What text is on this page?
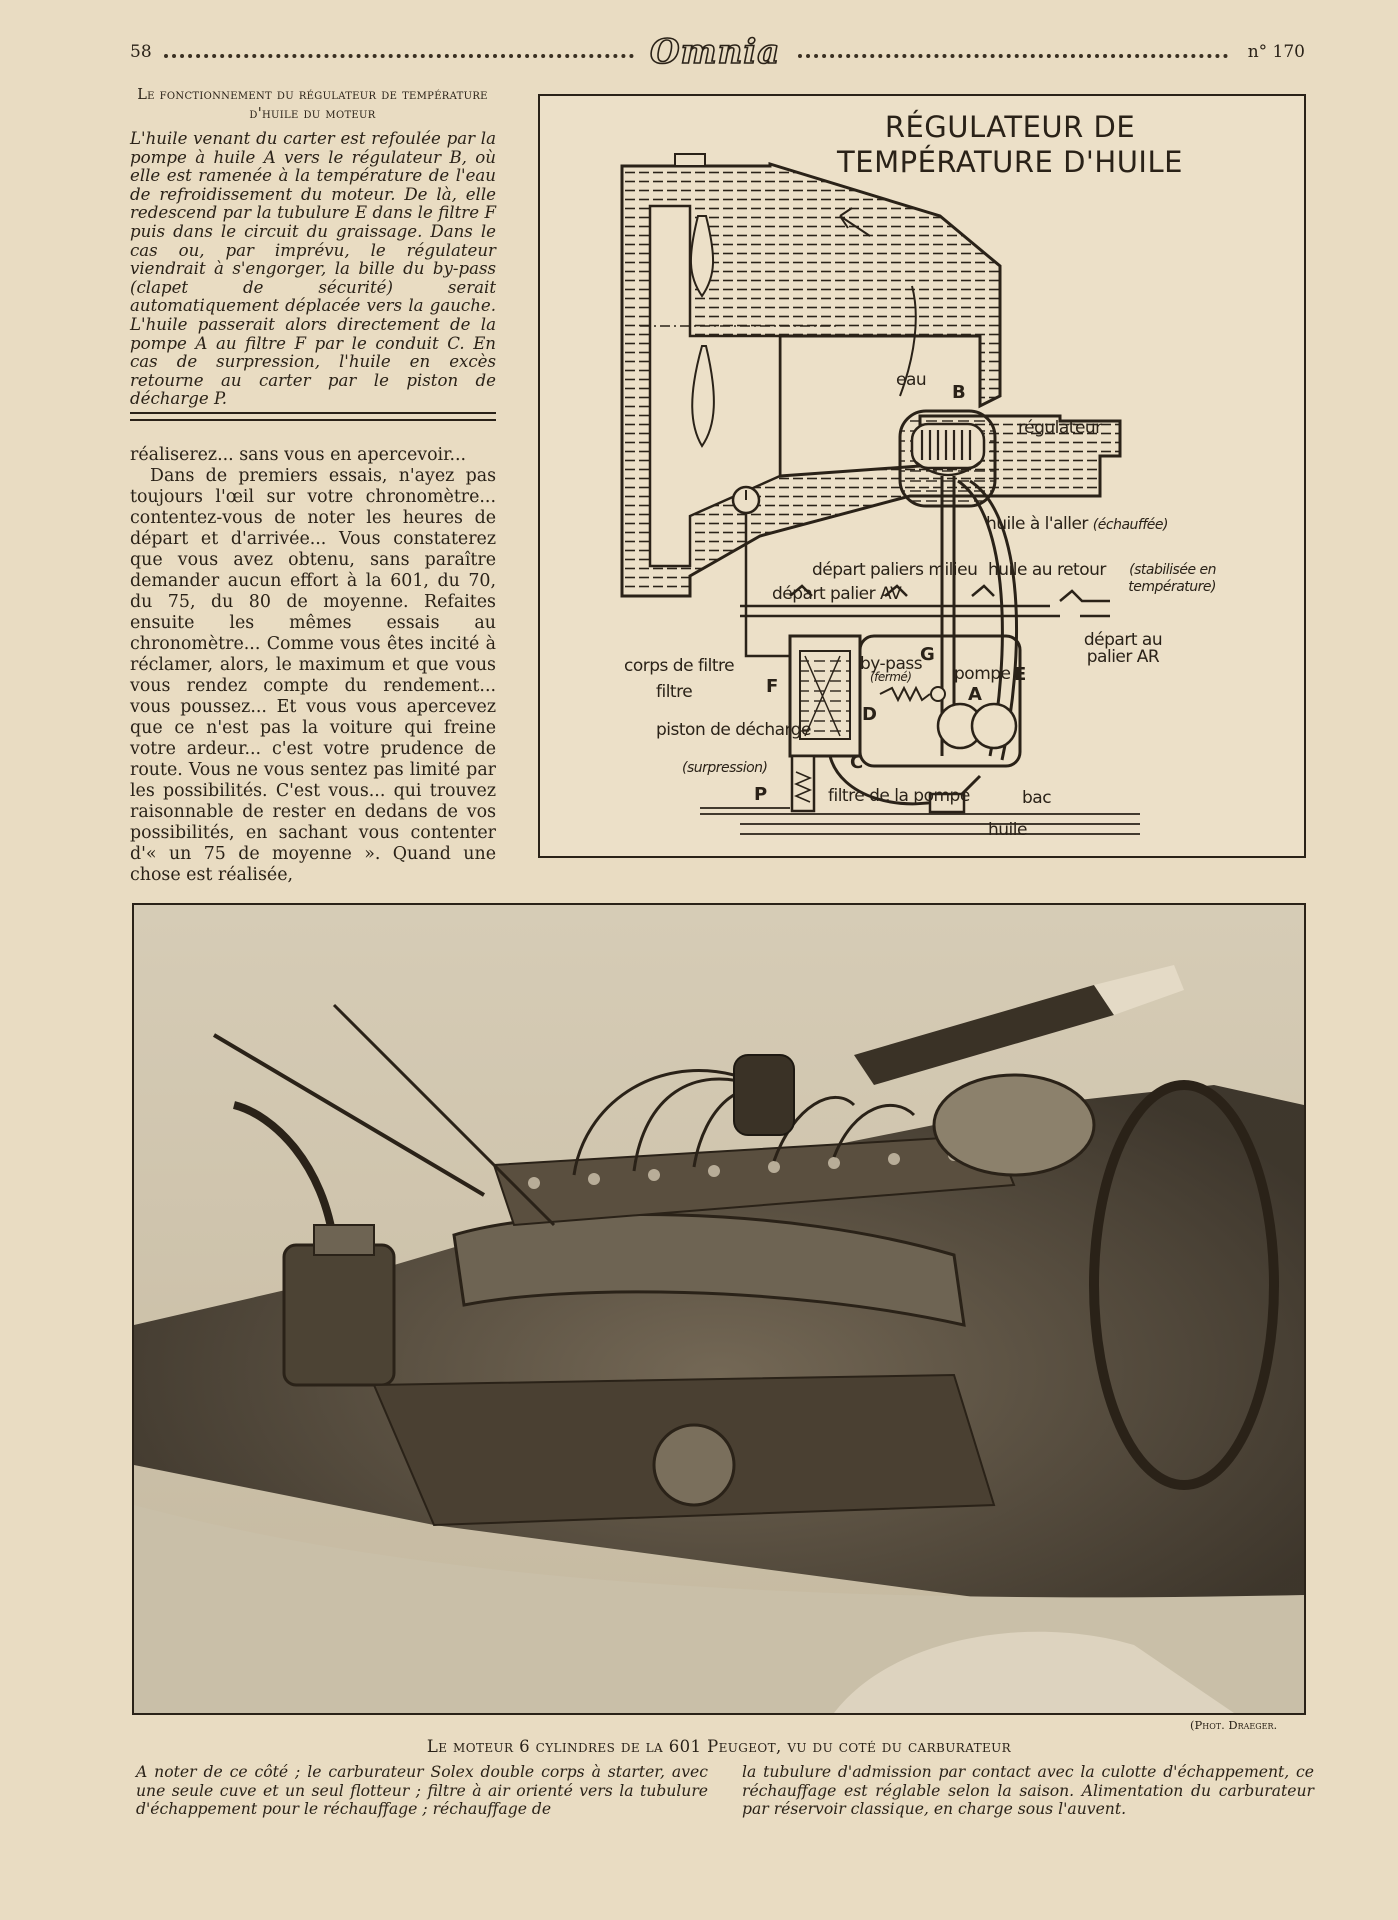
58	Omnia	n° 170
Le fonctionnement du régulateur de température d'huile du moteur
L'huile venant du carter est refoulée par la pompe à huile A vers le régulateur B, où elle est ramenée à la température de l'eau de refroidissement du moteur. De là, elle redescend par la tubulure E dans le filtre F puis dans le circuit du graissage. Dans le cas ou, par imprévu, le régulateur viendrait à s'engorger, la bille du by-pass (clapet de sécurité) serait automatiquement déplacée vers la gauche. L'huile passerait alors directement de la pompe A au filtre F par le conduit C. En cas de surpression, l'huile en excès retourne au carter par le piston de décharge P.

réaliserez... sans vous en apercevoir...

Dans de premiers essais, n'ayez pas toujours l'œil sur votre chronomètre... contentez-vous de noter les heures de départ et d'arrivée... Vous constaterez que vous avez obtenu, sans paraître demander aucun effort à la 601, du 70, du 75, du 80 de moyenne. Refaites ensuite les mêmes essais au chronomètre... Comme vous êtes incité à réclamer, alors, le maximum et que vous vous rendez compte du rendement... vous poussez... Et vous vous apercevez que ce n'est pas la voiture qui freine votre ardeur... c'est votre prudence de route. Vous ne vous sentez pas limité par les possibilités. C'est vous... qui trouvez raisonnable de rester en dedans de vos possibilités, en sachant vous contenter d'« un 75 de moyenne ». Quand une chose est réalisée,

RÉGULATEUR DE TEMPÉRATURE D'HUILE
eau
B
régulateur
huile à l'aller (échauffée)
départ paliers milieu
départ palier AV
huile au retour	(stabilisée en température)
départ au palier AR
corps de filtre
filtre	F
G
by-pass
(fermé)	pompe E
A
D
C
piston de décharge
(surpression)
P	filtre de la pompe	bac
huile
(Phot. Draeger.
Le moteur 6 cylindres de la 601 Peugeot, vu du coté du carburateur
A noter de ce côté ; le carburateur Solex double corps à starter, avec une seule cuve et un seul flotteur ; filtre à air orienté vers la tubulure d'échappement pour le réchauffage ; réchauffage de
la tubulure d'admission par contact avec la culotte d'échappement, ce réchauffage est réglable selon la saison. Alimentation du carburateur par réservoir classique, en charge sous l'auvent.
